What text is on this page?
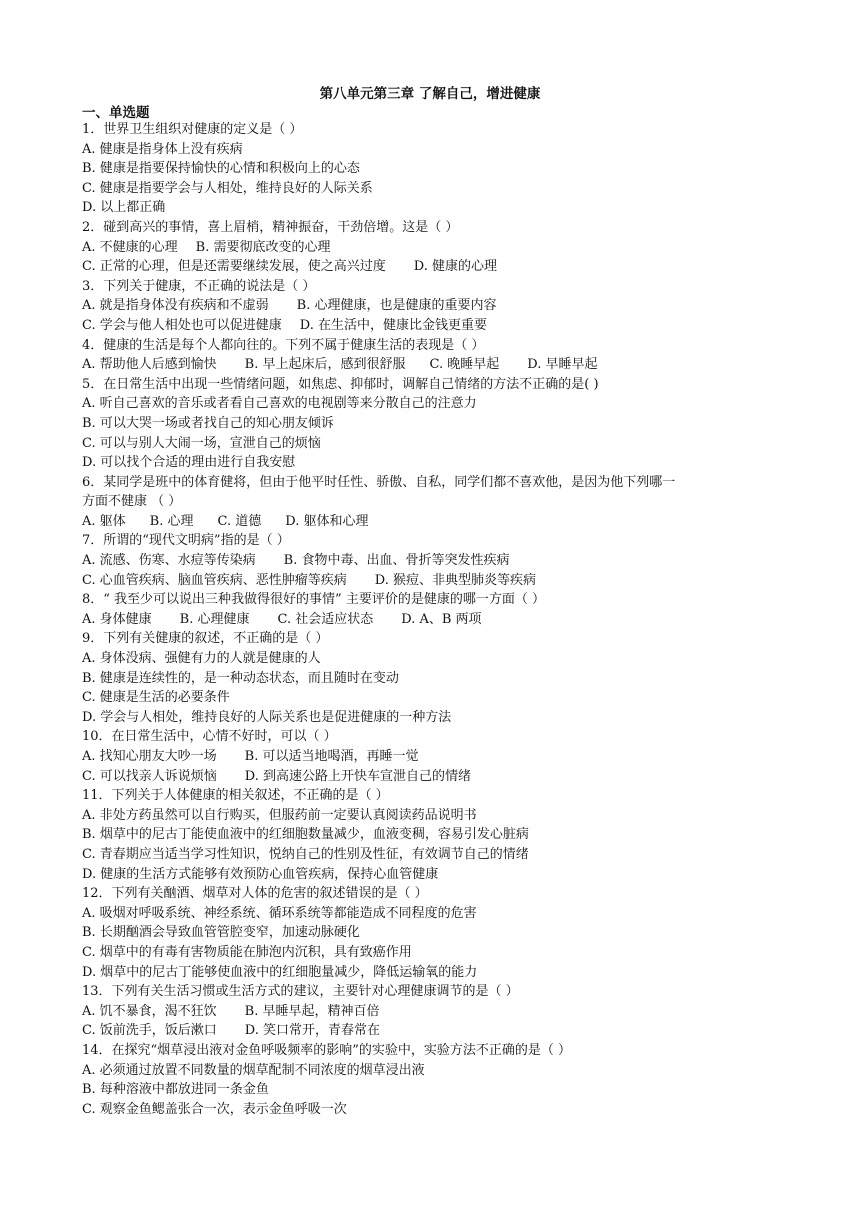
第八单元第三章 了解自己，增进健康
一、单选题
1．世界卫生组织对健康的定义是（ ）
A. 健康是指身体上没有疾病
B. 健康是指要保持愉快的心情和积极向上的心态
C. 健康是指要学会与人相处，维持良好的人际关系
D. 以上都正确
2．碰到高兴的事情，喜上眉梢，精神振奋，干劲倍增。这是（ ）
A. 不健康的心理 B. 需要彻底改变的心理
C. 正常的心理，但是还需要继续发展，使之高兴过度 D. 健康的心理
3．下列关于健康，不正确的说法是（ ）
A. 就是指身体没有疾病和不虚弱 B. 心理健康，也是健康的重要内容
C. 学会与他人相处也可以促进健康 D. 在生活中，健康比金钱更重要
4．健康的生活是每个人都向往的。下列不属于健康生活的表现是（ ）
A. 帮助他人后感到愉快 B. 早上起床后，感到很舒服 C. 晚睡早起 D. 早睡早起
5．在日常生活中出现一些情绪问题，如焦虑、抑郁时，调解自己情绪的方法不正确的是( )
A. 听自己喜欢的音乐或者看自己喜欢的电视剧等来分散自己的注意力
B. 可以大哭一场或者找自己的知心朋友倾诉
C. 可以与别人大闹一场，宣泄自己的烦恼
D. 可以找个合适的理由进行自我安慰
6．某同学是班中的体育健将，但由于他平时任性、骄傲、自私，同学们都不喜欢他，是因为他下列哪一
方面不健康 （ ）
A. 躯体 B. 心理 C. 道德 D. 躯体和心理
7．所谓的“现代文明病”指的是（ ）
A. 流感、伤寒、水痘等传染病 B. 食物中毒、出血、骨折等突发性疾病
C. 心血管疾病、脑血管疾病、恶性肿瘤等疾病 D. 猴痘、非典型肺炎等疾病
8．“ 我至少可以说出三种我做得很好的事情” 主要评价的是健康的哪一方面（ ）
A. 身体健康 B. 心理健康 C. 社会适应状态 D. A、B 两项
9．下列有关健康的叙述，不正确的是（ ）
A. 身体没病、强健有力的人就是健康的人
B. 健康是连续性的，是一种动态状态，而且随时在变动
C. 健康是生活的必要条件
D. 学会与人相处，维持良好的人际关系也是促进健康的一种方法
10．在日常生活中，心情不好时，可以（ ）
A. 找知心朋友大吵一场 B. 可以适当地喝酒，再睡一觉
C. 可以找亲人诉说烦恼 D. 到高速公路上开快车宣泄自己的情绪
11．下列关于人体健康的相关叙述，不正确的是（ ）
A. 非处方药虽然可以自行购买，但服药前一定要认真阅读药品说明书
B. 烟草中的尼古丁能使血液中的红细胞数量减少，血液变稠，容易引发心脏病
C. 青春期应当适当学习性知识，悦纳自己的性别及性征，有效调节自己的情绪
D. 健康的生活方式能够有效预防心血管疾病，保持心血管健康
12．下列有关酗酒、烟草对人体的危害的叙述错误的是（ ）
A. 吸烟对呼吸系统、神经系统、循环系统等都能造成不同程度的危害
B. 长期酗酒会导致血管管腔变窄，加速动脉硬化
C. 烟草中的有毒有害物质能在肺泡内沉积，具有致癌作用
D. 烟草中的尼古丁能够使血液中的红细胞量减少，降低运输氧的能力
13．下列有关生活习惯或生活方式的建议，主要针对心理健康调节的是（ ）
A. 饥不暴食，渴不狂饮 B. 早睡早起，精神百倍
C. 饭前洗手，饭后漱口 D. 笑口常开，青春常在
14．在探究“烟草浸出液对金鱼呼吸频率的影响”的实验中，实验方法不正确的是（ ）
A. 必须通过放置不同数量的烟草配制不同浓度的烟草浸出液
B. 每种溶液中都放进同一条金鱼
C. 观察金鱼鳃盖张合一次，表示金鱼呼吸一次
